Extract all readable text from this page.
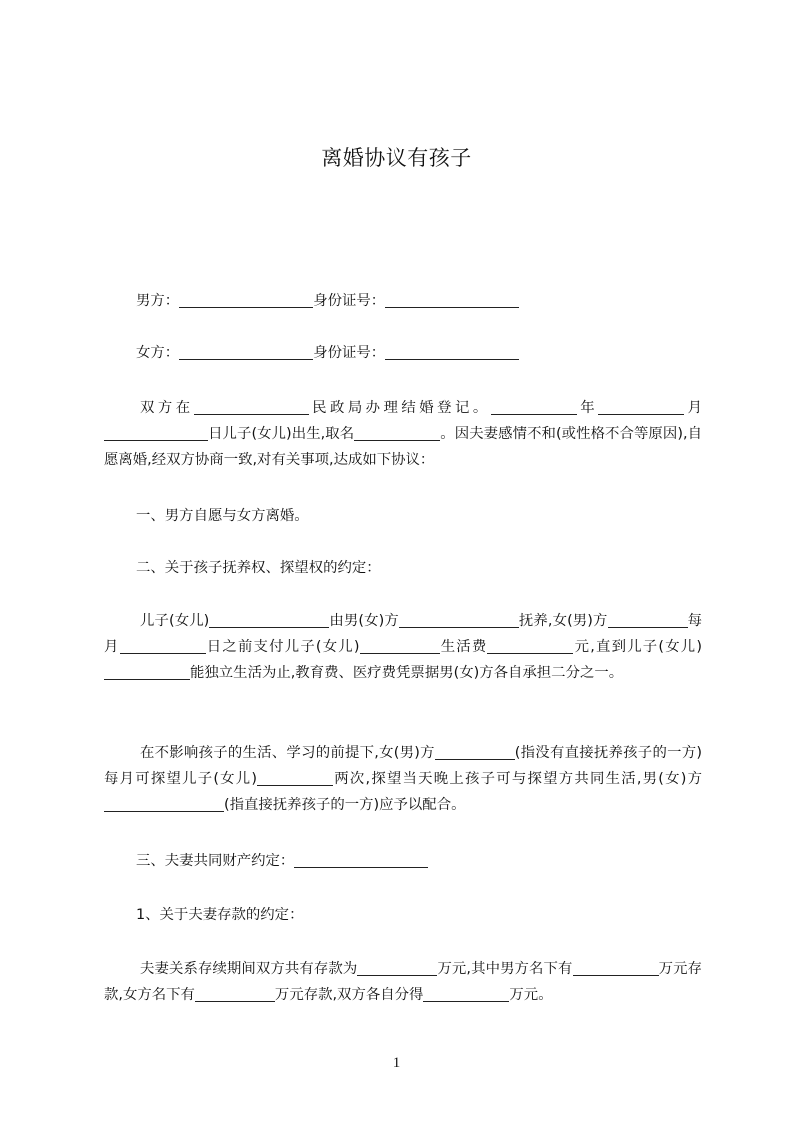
离婚协议有孩子

男方：	身份证号：

女方：	身份证号：

双方在	民政局办理结婚登记。	年	月日儿子(女儿)出生,取名	。因夫妻感情不和(或性格不合等原因),自愿离婚,经双方协商一致,对有关事项,达成如下协议：

一、男方自愿与女方离婚。

二、关于孩子抚养权、探望权的约定：

儿子(女儿)	由男(女)方	抚养,女(男)方	每月	日之前支付儿子(女儿)	生活费	元,直到儿子(女儿)能独立生活为止,教育费、医疗费凭票据男(女)方各自承担二分之一。

在不影响孩子的生活、学习的前提下,女(男)方	(指没有直接抚养孩子的一方)每月可探望儿子(女儿)	两次,探望当天晚上孩子可与探望方共同生活,男(女)方(指直接抚养孩子的一方)应予以配合。

三、夫妻共同财产约定：

1、关于夫妻存款的约定：

夫妻关系存续期间双方共有存款为	万元,其中男方名下有	万元存款,女方名下有	万元存款,双方各自分得	万元。

1
